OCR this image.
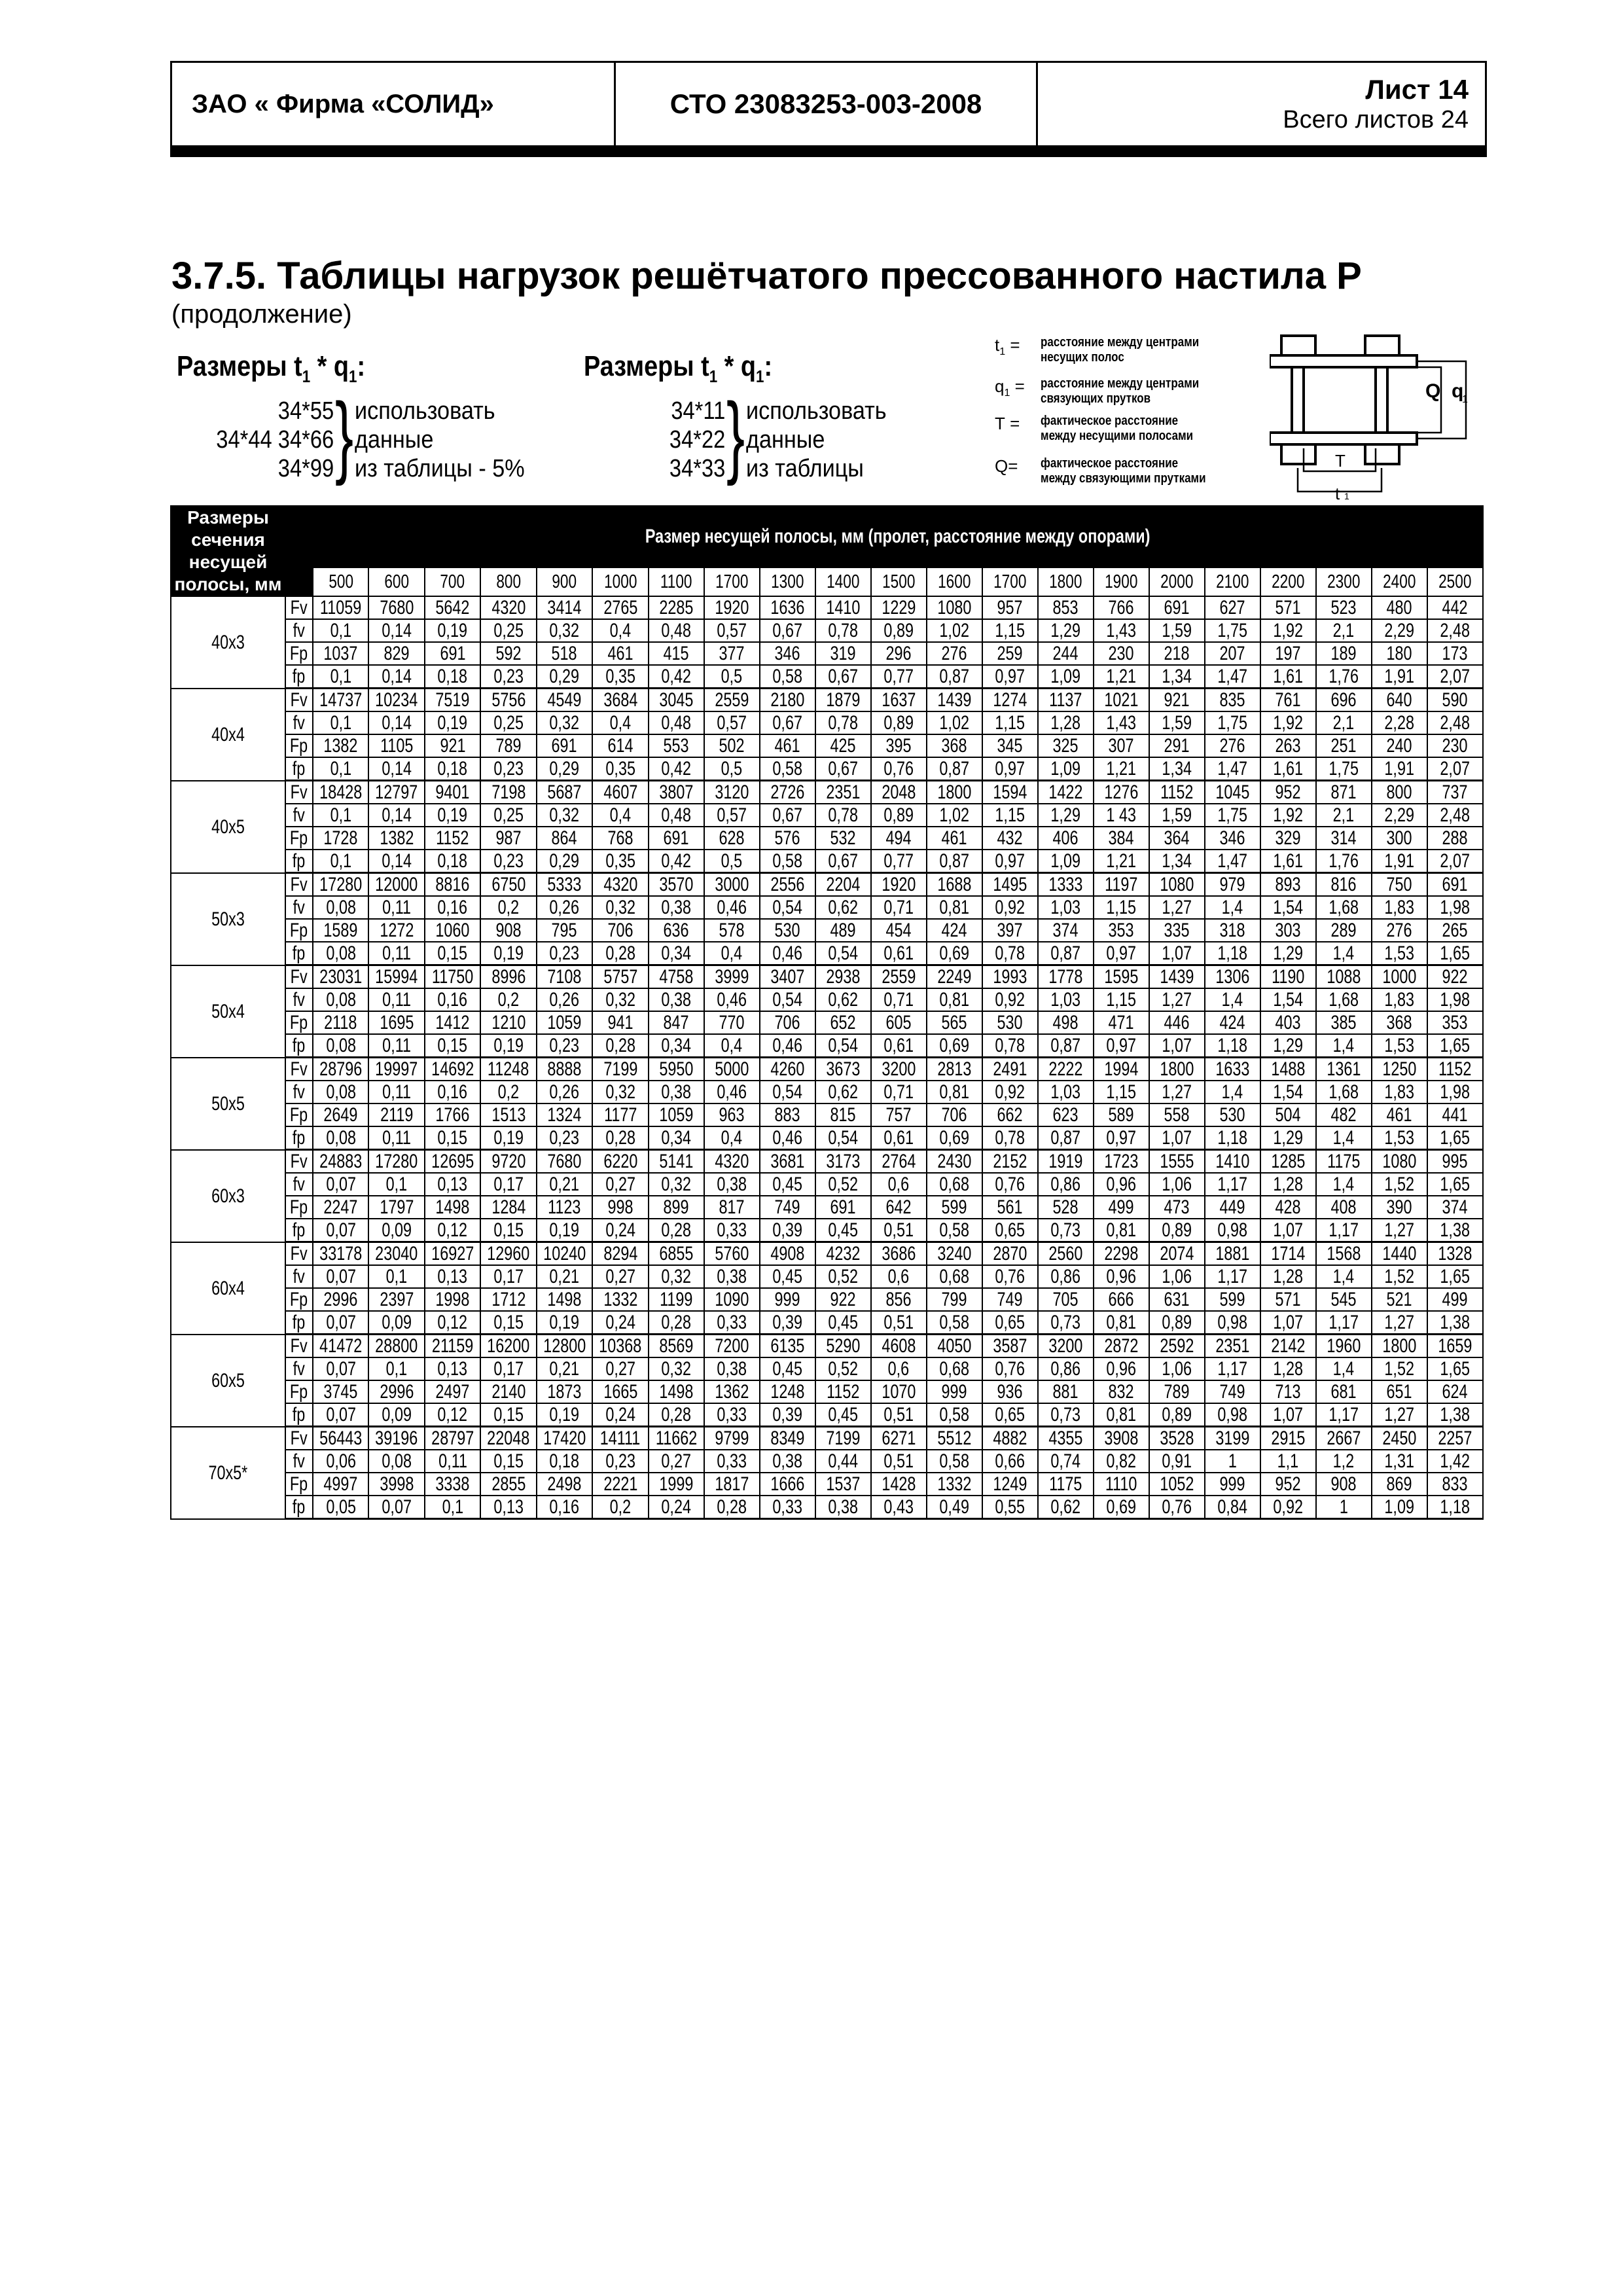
ЗАО « Фирма «СОЛИД»	СТО 23083253-003-2008	Лист 14
Всего листов 24
3.7.5. Таблицы нагрузок решётчатого прессованного настила Р
(продолжение)
Размеры $t_1 * q_1$:
34*55
34*44 34*66
34*99 } использовать
данные
из таблицы - 5%
Размеры $t_1 * q_1$:
34*11
34*22
34*33 } использовать
данные
из таблицы
$t_1$ =	расстояние между центрами
несущих полос
$q_1$ =	расстояние между центрами
связующих прутков
T =	фактическое расстояние
между несущими полосами
Q=	фактическое расстояние
между связующими прутками
Q q
1
T
t 1
Размеры
сечения
несущей
полосы, мм		Размер несущей полосы, мм (пролет, расстояние между опорами)																				
		500	600	700	800	900	1000	1100	1700	1300	1400	1500	1600	1700	1800	1900	2000	2100	2200	2300	2400	2500
40x3	Fv	11059	7680	5642	4320	3414	2765	2285	1920	1636	1410	1229	1080	957	853	766	691	627	571	523	480	442
	fv	0,1	0,14	0,19	0,25	0,32	0,4	0,48	0,57	0,67	0,78	0,89	1,02	1,15	1,29	1,43	1,59	1,75	1,92	2,1	2,29	2,48
	Fp	1037	829	691	592	518	461	415	377	346	319	296	276	259	244	230	218	207	197	189	180	173
	fp	0,1	0,14	0,18	0,23	0,29	0,35	0,42	0,5	0,58	0,67	0,77	0,87	0,97	1,09	1,21	1,34	1,47	1,61	1,76	1,91	2,07
40x4	Fv	14737	10234	7519	5756	4549	3684	3045	2559	2180	1879	1637	1439	1274	1137	1021	921	835	761	696	640	590
	fv	0,1	0,14	0,19	0,25	0,32	0,4	0,48	0,57	0,67	0,78	0,89	1,02	1,15	1,28	1,43	1,59	1,75	1,92	2,1	2,28	2,48
	Fp	1382	1105	921	789	691	614	553	502	461	425	395	368	345	325	307	291	276	263	251	240	230
	fp	0,1	0,14	0,18	0,23	0,29	0,35	0,42	0,5	0,58	0,67	0,76	0,87	0,97	1,09	1,21	1,34	1,47	1,61	1,75	1,91	2,07
40x5	Fv	18428	12797	9401	7198	5687	4607	3807	3120	2726	2351	2048	1800	1594	1422	1276	1152	1045	952	871	800	737
	fv	0,1	0,14	0,19	0,25	0,32	0,4	0,48	0,57	0,67	0,78	0,89	1,02	1,15	1,29	1 43	1,59	1,75	1,92	2,1	2,29	2,48
	Fp	1728	1382	1152	987	864	768	691	628	576	532	494	461	432	406	384	364	346	329	314	300	288
	fp	0,1	0,14	0,18	0,23	0,29	0,35	0,42	0,5	0,58	0,67	0,77	0,87	0,97	1,09	1,21	1,34	1,47	1,61	1,76	1,91	2,07
50x3	Fv	17280	12000	8816	6750	5333	4320	3570	3000	2556	2204	1920	1688	1495	1333	1197	1080	979	893	816	750	691
	fv	0,08	0,11	0,16	0,2	0,26	0,32	0,38	0,46	0,54	0,62	0,71	0,81	0,92	1,03	1,15	1,27	1,4	1,54	1,68	1,83	1,98
	Fp	1589	1272	1060	908	795	706	636	578	530	489	454	424	397	374	353	335	318	303	289	276	265
	fp	0,08	0,11	0,15	0,19	0,23	0,28	0,34	0,4	0,46	0,54	0,61	0,69	0,78	0,87	0,97	1,07	1,18	1,29	1,4	1,53	1,65
50x4	Fv	23031	15994	11750	8996	7108	5757	4758	3999	3407	2938	2559	2249	1993	1778	1595	1439	1306	1190	1088	1000	922
	fv	0,08	0,11	0,16	0,2	0,26	0,32	0,38	0,46	0,54	0,62	0,71	0,81	0,92	1,03	1,15	1,27	1,4	1,54	1,68	1,83	1,98
	Fp	2118	1695	1412	1210	1059	941	847	770	706	652	605	565	530	498	471	446	424	403	385	368	353
	fp	0,08	0,11	0,15	0,19	0,23	0,28	0,34	0,4	0,46	0,54	0,61	0,69	0,78	0,87	0,97	1,07	1,18	1,29	1,4	1,53	1,65
50x5	Fv	28796	19997	14692	11248	8888	7199	5950	5000	4260	3673	3200	2813	2491	2222	1994	1800	1633	1488	1361	1250	1152
	fv	0,08	0,11	0,16	0,2	0,26	0,32	0,38	0,46	0,54	0,62	0,71	0,81	0,92	1,03	1,15	1,27	1,4	1,54	1,68	1,83	1,98
	Fp	2649	2119	1766	1513	1324	1177	1059	963	883	815	757	706	662	623	589	558	530	504	482	461	441
	fp	0,08	0,11	0,15	0,19	0,23	0,28	0,34	0,4	0,46	0,54	0,61	0,69	0,78	0,87	0,97	1,07	1,18	1,29	1,4	1,53	1,65
60x3	Fv	24883	17280	12695	9720	7680	6220	5141	4320	3681	3173	2764	2430	2152	1919	1723	1555	1410	1285	1175	1080	995
	fv	0,07	0,1	0,13	0,17	0,21	0,27	0,32	0,38	0,45	0,52	0,6	0,68	0,76	0,86	0,96	1,06	1,17	1,28	1,4	1,52	1,65
	Fp	2247	1797	1498	1284	1123	998	899	817	749	691	642	599	561	528	499	473	449	428	408	390	374
	fp	0,07	0,09	0,12	0,15	0,19	0,24	0,28	0,33	0,39	0,45	0,51	0,58	0,65	0,73	0,81	0,89	0,98	1,07	1,17	1,27	1,38
60x4	Fv	33178	23040	16927	12960	10240	8294	6855	5760	4908	4232	3686	3240	2870	2560	2298	2074	1881	1714	1568	1440	1328
	fv	0,07	0,1	0,13	0,17	0,21	0,27	0,32	0,38	0,45	0,52	0,6	0,68	0,76	0,86	0,96	1,06	1,17	1,28	1,4	1,52	1,65
	Fp	2996	2397	1998	1712	1498	1332	1199	1090	999	922	856	799	749	705	666	631	599	571	545	521	499
	fp	0,07	0,09	0,12	0,15	0,19	0,24	0,28	0,33	0,39	0,45	0,51	0,58	0,65	0,73	0,81	0,89	0,98	1,07	1,17	1,27	1,38
60x5	Fv	41472	28800	21159	16200	12800	10368	8569	7200	6135	5290	4608	4050	3587	3200	2872	2592	2351	2142	1960	1800	1659
	fv	0,07	0,1	0,13	0,17	0,21	0,27	0,32	0,38	0,45	0,52	0,6	0,68	0,76	0,86	0,96	1,06	1,17	1,28	1,4	1,52	1,65
	Fp	3745	2996	2497	2140	1873	1665	1498	1362	1248	1152	1070	999	936	881	832	789	749	713	681	651	624
	fp	0,07	0,09	0,12	0,15	0,19	0,24	0,28	0,33	0,39	0,45	0,51	0,58	0,65	0,73	0,81	0,89	0,98	1,07	1,17	1,27	1,38
70x5*	Fv	56443	39196	28797	22048	17420	14111	11662	9799	8349	7199	6271	5512	4882	4355	3908	3528	3199	2915	2667	2450	2257
	fv	0,06	0,08	0,11	0,15	0,18	0,23	0,27	0,33	0,38	0,44	0,51	0,58	0,66	0,74	0,82	0,91	1	1,1	1,2	1,31	1,42
	Fp	4997	3998	3338	2855	2498	2221	1999	1817	1666	1537	1428	1332	1249	1175	1110	1052	999	952	908	869	833
	fp	0,05	0,07	0,1	0,13	0,16	0,2	0,24	0,28	0,33	0,38	0,43	0,49	0,55	0,62	0,69	0,76	0,84	0,92	1	1,09	1,18
